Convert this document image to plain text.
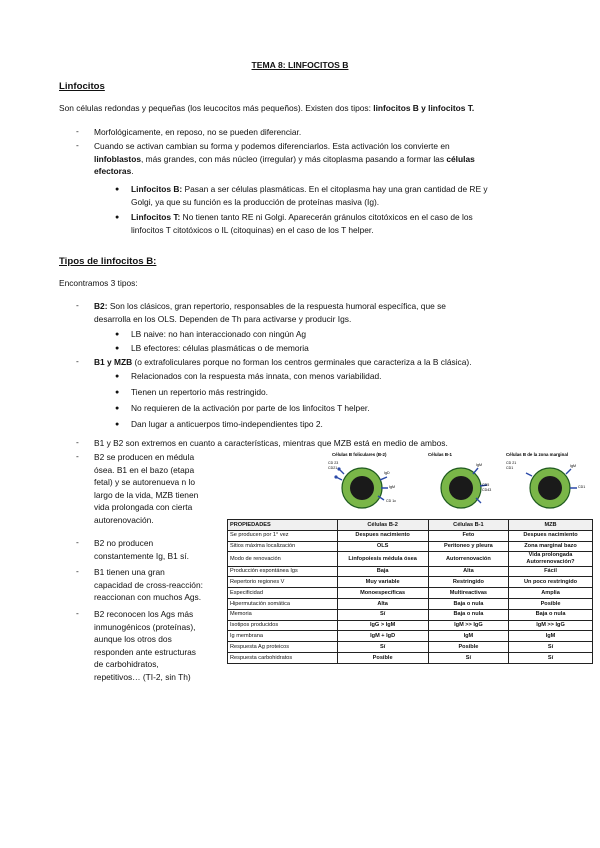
TEMA 8: LINFOCITOS B
Linfocitos
Son células redondas y pequeñas (los leucocitos más pequeños). Existen dos tipos: linfocitos B y linfocitos T.
- Morfológicamente, en reposo, no se pueden diferenciar.
- Cuando se activan cambian su forma y podemos diferenciarlos. Esta activación los convierte en
linfoblastos, más grandes, con más núcleo (irregular) y más citoplasma pasando a formar las células
efectoras.
● Linfocitos B: Pasan a ser células plasmáticas. En el citoplasma hay una gran cantidad de RE y
Golgi, ya que su función es la producción de proteínas masiva (Ig).
● Linfocitos T: No tienen tanto RE ni Golgi. Aparecerán gránulos citotóxicos en el caso de los
linfocitos T citotóxicos o IL (citoquinas) en el caso de los T helper.
Tipos de linfocitos B:
Encontramos 3 tipos:
- B2: Son los clásicos, gran repertorio, responsables de la respuesta humoral específica, que se
desarrolla en los OLS. Dependen de Th para activarse y producir Igs.
● LB naive: no han interaccionado con ningún Ag
● LB efectores: células plasmáticas o de memoria
- B1 y MZB (o extrafoliculares porque no forman los centros germinales que caracteriza a la B clásica).
● Relacionados con la respuesta más innata, con menos variabilidad.
● Tienen un repertorio más restringido.
● No requieren de la activación por parte de los linfocitos T helper.
● Dan lugar a anticuerpos timo-independientes tipo 2.
- B1 y B2 son extremos en cuanto a características, mientras que MZB está en medio de ambos.
- B2 se producen en médula
ósea. B1 en el bazo (etapa
fetal) y se autorenueva n lo
largo de la vida, MZB tienen
vida prolongada con cierta
autorenovación.
- B2 no producen
constantemente Ig, B1 sí.
- B1 tienen una gran
capacidad de cross-reacción:
reaccionan con muchos Ags.
- B2 reconocen los Ags más
inmunogénicos (proteínas),
aunque los otros dos
responden ante estructuras
de carbohidratos,
repetitivos… (TI-2, sin Th)
Células B foliculares (B-2)	Células B-1	Células B de la zona marginal
CD 23
CD21
IgD
IgM
CD 1c
IgM
CD5
CD43
CD 21
CD1	IgM
CD1
PROPIEDADES	Células B-2	Células B-1	MZB
Se producen por 1° vez	Despues nacimiento	Feto	Despues nacimiento
Sitios máxima localización	OLS	Peritoneo y pleura	Zona marginal bazo
Modo de renovación	Linfopoiesis médula ósea	Autorrenovación	Vida prolongada Autorrenovación?
Producción espontánea Igs	Baja	Alta	Fácil
Repertorio regiones V	Muy variable	Restringido	Un poco restringido
Especificidad	Monoespecíficas	Multireactivas	Amplia
Hipermutación somática	Alta	Baja o nula	Posible
Memoria	Sí	Baja o nula	Baja o nula
Isotipos producidos	IgG > IgM	IgM >> IgG	IgM >> IgG
Ig membrana	IgM + IgD	IgM	IgM
Respuesta Ag proteicos	Sí	Posible	Sí
Respuesta carbohidratos	Posible	Sí	Sí
